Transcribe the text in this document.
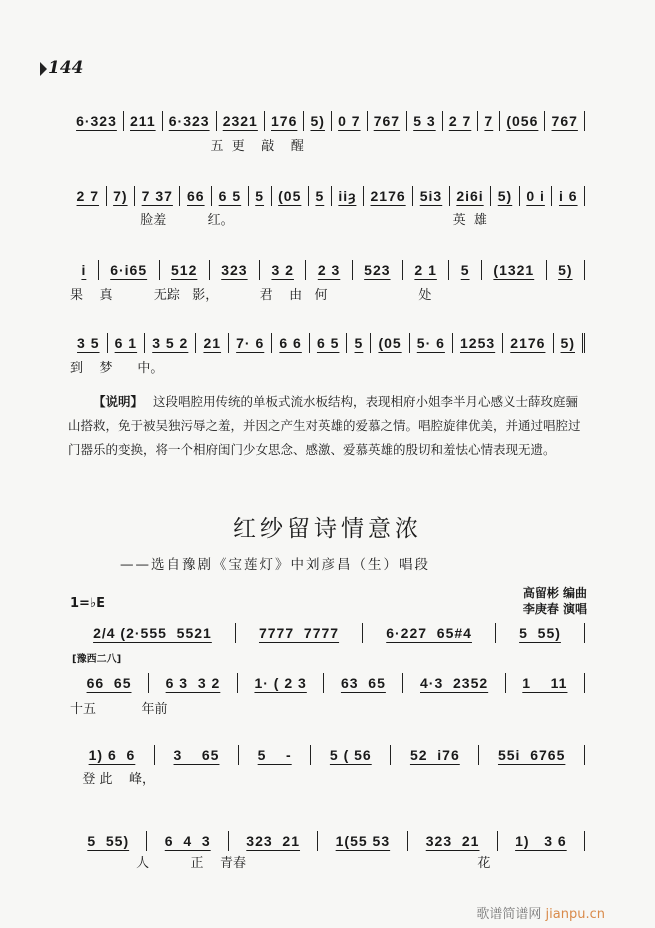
144
6·323 211 6·323 2321 176 5) 0 7 767 5 3 2 7 7 (056 767
五  更    敲    醒
2 7	7)	7 37	66	6 5	5	(05	5	iiȝ	2176	5i3	2i6i	5)	0 i	i 6
脸羞          红。                                                     英  雄
i	6·i65	512	323	3 2	2 3	523	2 1	5	(1321	5)
果    真          无踪   影，          君    由   何                      处
3 5	6 1	3 5 2	21	7· 6	6 6	6 5	5	(05	5· 6	1253	2176	5)
到    梦      中。
【说明】 这段唱腔用传统的单板式流水板结构，表现相府小姐李半月心感义士薛玫庭骊山搭救，免于被吴独污辱之羞，并因之产生对英雄的爱慕之情。唱腔旋律优美，并通过唱腔过门器乐的变换，将一个相府闺门少女思念、感激、爱慕英雄的殷切和羞怯心情表现无遗。
红纱留诗情意浓
——选自豫剧《宝莲灯》中刘彦昌（生）唱段
高留彬 编曲
李庚春 演唱
1=♭E
[豫西二八]
2/4 (2·555  5521	7777  7777	6·227  65#4	5  55)
66  65	6 3  3 2	1· ( 2 3	63  65	4·3  2352	1    11
十五           年前
1) 6  6	3    65	5    -	5 ( 56	52  i76	55i  6765
登 此    峰，
5  55)	6  4  3	323  21	1(55 53	323  21	1)   3 6
人          正    青春                                                        花
歌谱简谱网 jianpu.cn
